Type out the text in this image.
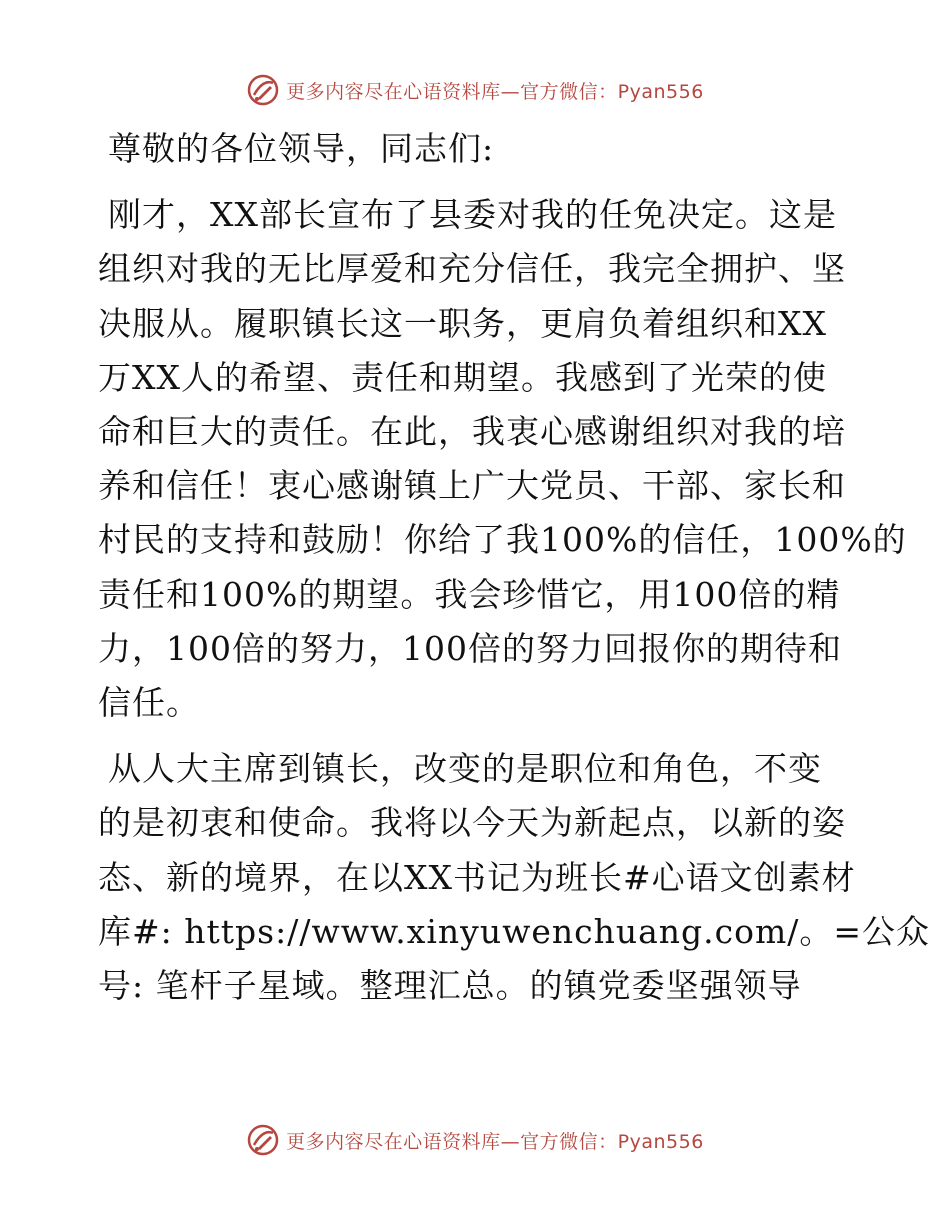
更多内容尽在心语资料库—官方微信：Pyan556

尊敬的各位领导，同志们:

刚才，XX部长宣布了县委对我的任免决定。这是
组织对我的无比厚爱和充分信任，我完全拥护、坚
决服从。履职镇长这一职务，更肩负着组织和XX
万XX人的希望、责任和期望。我感到了光荣的使
命和巨大的责任。在此，我衷心感谢组织对我的培
养和信任！衷心感谢镇上广大党员、干部、家长和
村民的支持和鼓励！你给了我100%的信任，100%的
责任和100%的期望。我会珍惜它，用100倍的精
力，100倍的努力，100倍的努力回报你的期待和
信任。

从人大主席到镇长，改变的是职位和角色，不变
的是初衷和使命。我将以今天为新起点，以新的姿
态、新的境界，在以XX书记为班长#心语文创素材
库#: https://www.xinyuwenchuang.com/。=公众
号: 笔杆子星域。整理汇总。的镇党委坚强领导

更多内容尽在心语资料库—官方微信：Pyan556
